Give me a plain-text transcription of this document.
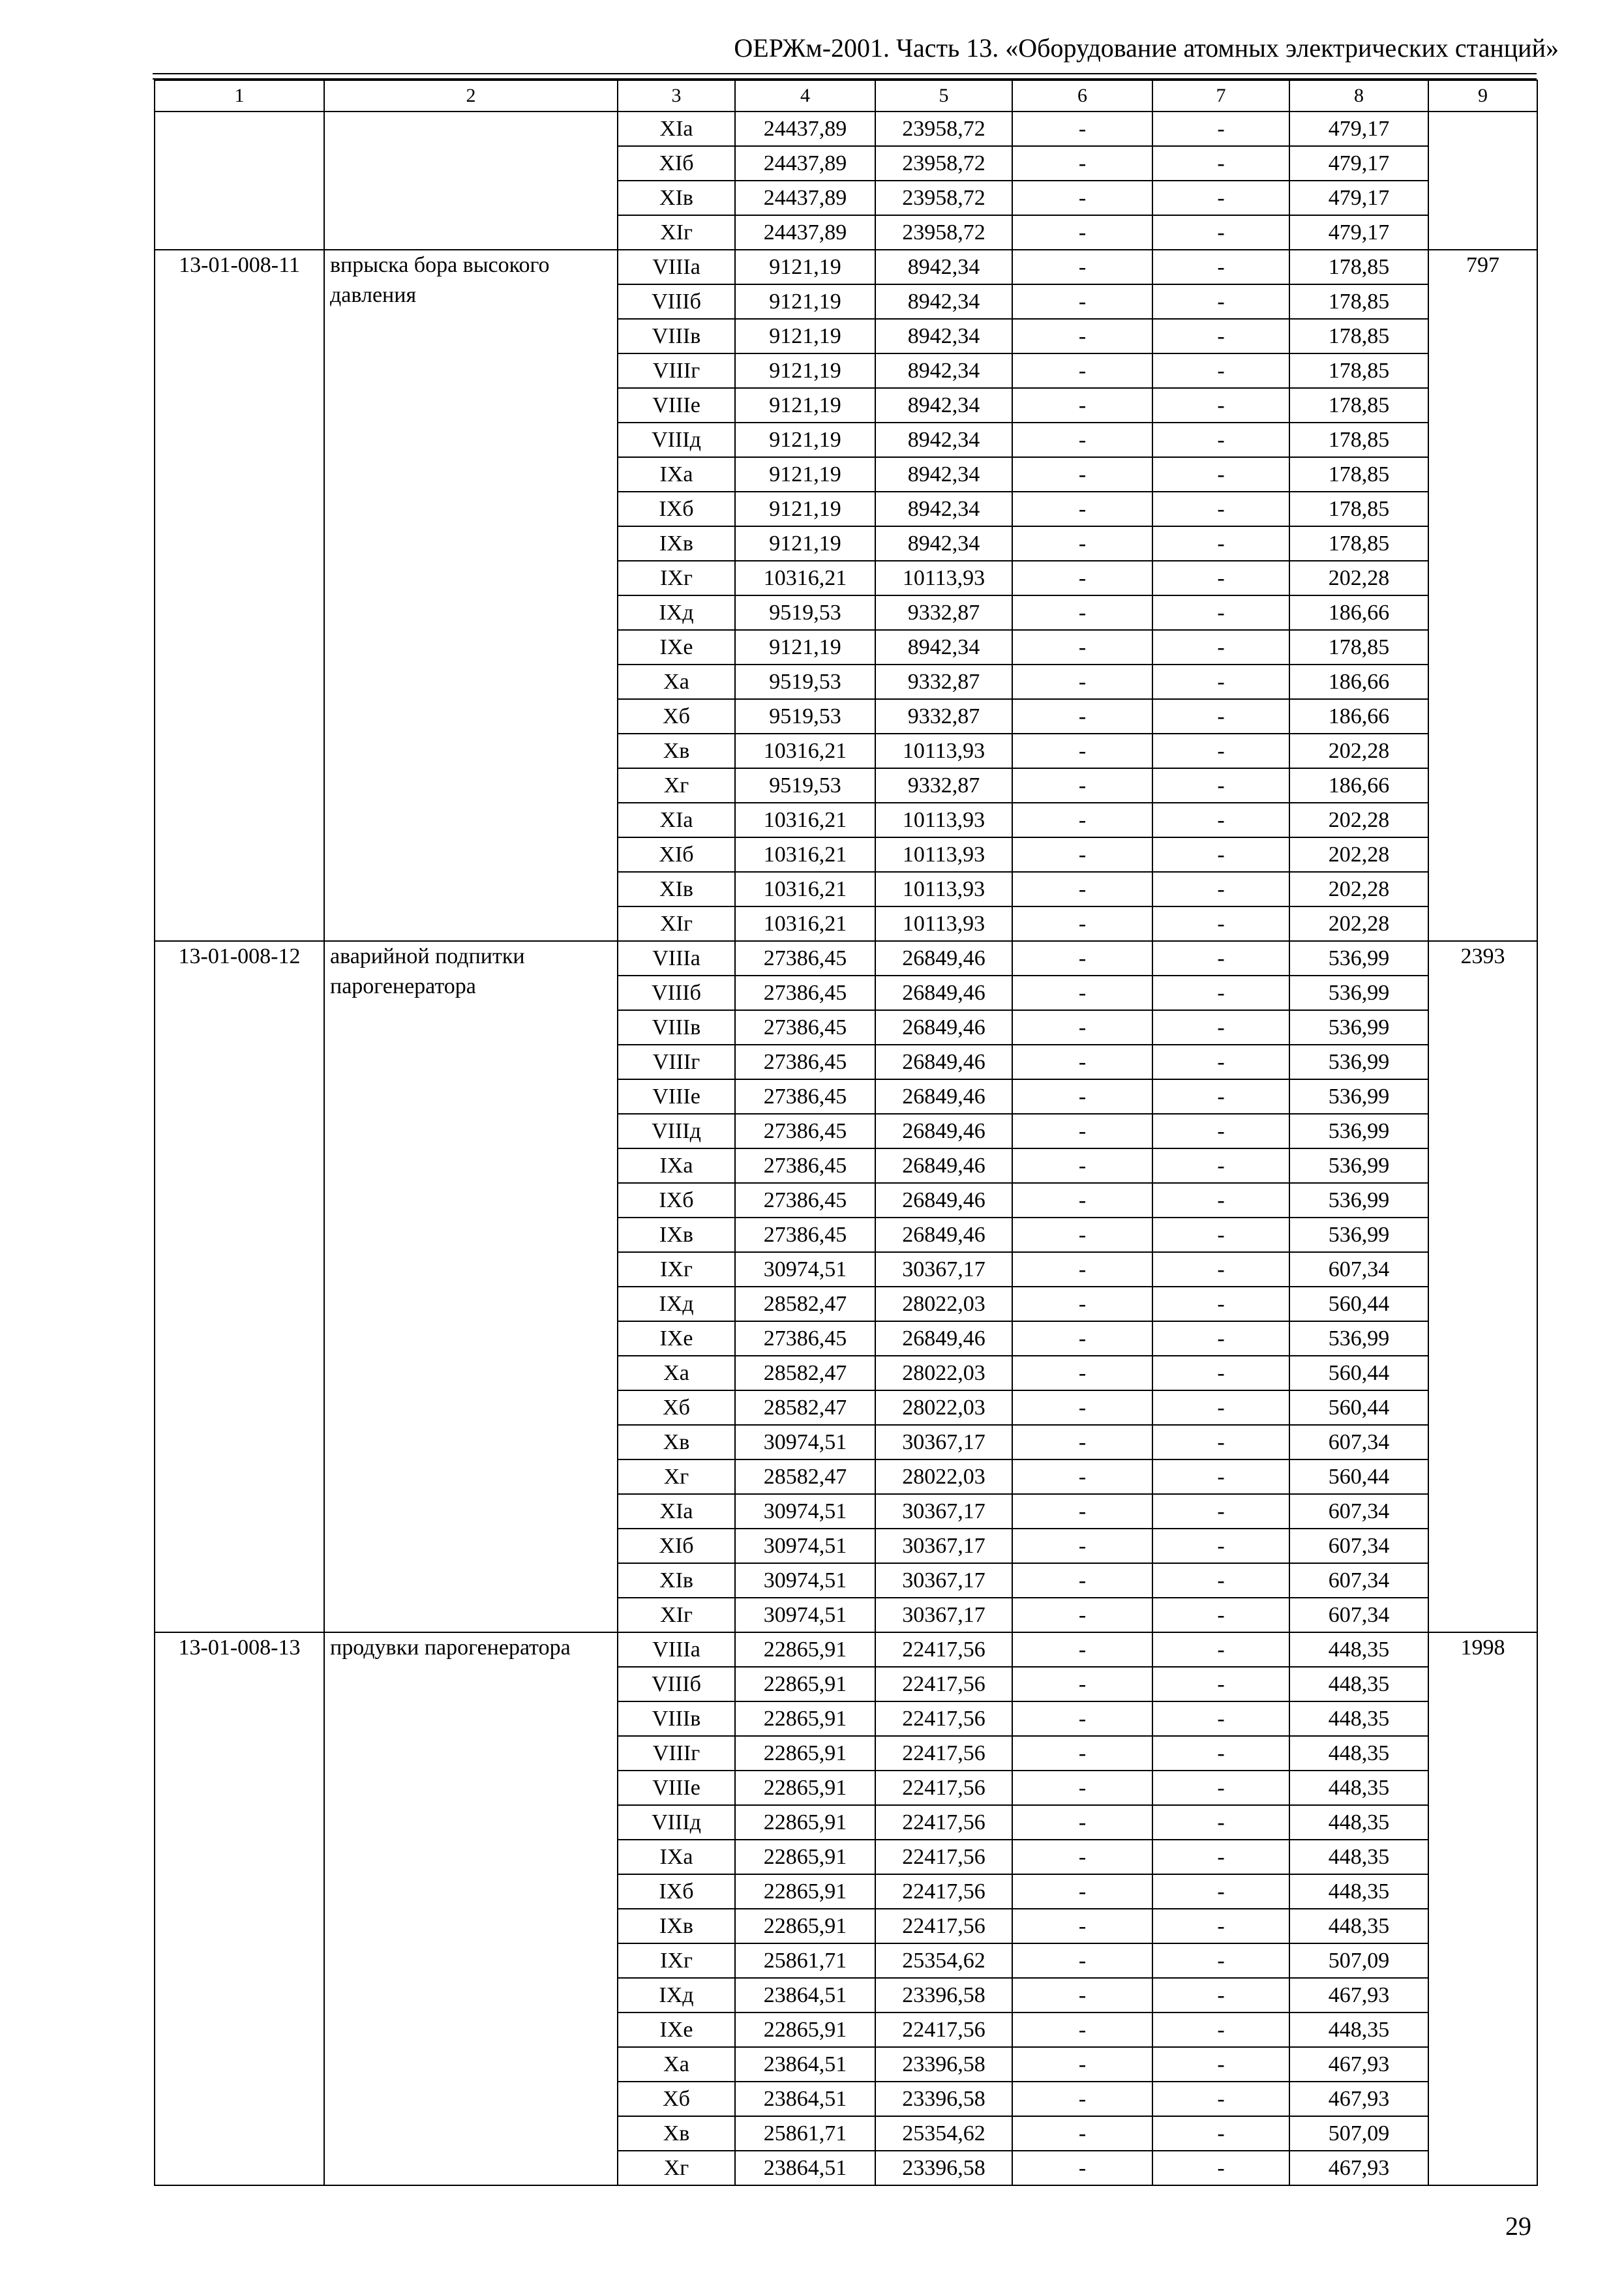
ОЕРЖм-2001. Часть 13. «Оборудование атомных электрических станций»
1	2	3	4	5	6	7	8	9
		XIа	24437,89	23958,72	-	-	479,17	
		XIб	24437,89	23958,72	-	-	479,17	
		XIв	24437,89	23958,72	-	-	479,17	
		XIг	24437,89	23958,72	-	-	479,17	
13-01-008-11	впрыска бора высокого давления	VIIIа	9121,19	8942,34	-	-	178,85	797
		VIIIб	9121,19	8942,34	-	-	178,85	
		VIIIв	9121,19	8942,34	-	-	178,85	
		VIIIг	9121,19	8942,34	-	-	178,85	
		VIIIе	9121,19	8942,34	-	-	178,85	
		VIIIд	9121,19	8942,34	-	-	178,85	
		IXа	9121,19	8942,34	-	-	178,85	
		IXб	9121,19	8942,34	-	-	178,85	
		IXв	9121,19	8942,34	-	-	178,85	
		IXг	10316,21	10113,93	-	-	202,28	
		IXд	9519,53	9332,87	-	-	186,66	
		IXе	9121,19	8942,34	-	-	178,85	
		Xа	9519,53	9332,87	-	-	186,66	
		Xб	9519,53	9332,87	-	-	186,66	
		Xв	10316,21	10113,93	-	-	202,28	
		Xг	9519,53	9332,87	-	-	186,66	
		XIа	10316,21	10113,93	-	-	202,28	
		XIб	10316,21	10113,93	-	-	202,28	
		XIв	10316,21	10113,93	-	-	202,28	
		XIг	10316,21	10113,93	-	-	202,28	
13-01-008-12	аварийной подпитки парогенератора	VIIIа	27386,45	26849,46	-	-	536,99	2393
		VIIIб	27386,45	26849,46	-	-	536,99	
		VIIIв	27386,45	26849,46	-	-	536,99	
		VIIIг	27386,45	26849,46	-	-	536,99	
		VIIIе	27386,45	26849,46	-	-	536,99	
		VIIIд	27386,45	26849,46	-	-	536,99	
		IXа	27386,45	26849,46	-	-	536,99	
		IXб	27386,45	26849,46	-	-	536,99	
		IXв	27386,45	26849,46	-	-	536,99	
		IXг	30974,51	30367,17	-	-	607,34	
		IXд	28582,47	28022,03	-	-	560,44	
		IXе	27386,45	26849,46	-	-	536,99	
		Xа	28582,47	28022,03	-	-	560,44	
		Xб	28582,47	28022,03	-	-	560,44	
		Xв	30974,51	30367,17	-	-	607,34	
		Xг	28582,47	28022,03	-	-	560,44	
		XIа	30974,51	30367,17	-	-	607,34	
		XIб	30974,51	30367,17	-	-	607,34	
		XIв	30974,51	30367,17	-	-	607,34	
		XIг	30974,51	30367,17	-	-	607,34	
13-01-008-13	продувки парогенератора	VIIIа	22865,91	22417,56	-	-	448,35	1998
		VIIIб	22865,91	22417,56	-	-	448,35	
		VIIIв	22865,91	22417,56	-	-	448,35	
		VIIIг	22865,91	22417,56	-	-	448,35	
		VIIIе	22865,91	22417,56	-	-	448,35	
		VIIIд	22865,91	22417,56	-	-	448,35	
		IXа	22865,91	22417,56	-	-	448,35	
		IXб	22865,91	22417,56	-	-	448,35	
		IXв	22865,91	22417,56	-	-	448,35	
		IXг	25861,71	25354,62	-	-	507,09	
		IXд	23864,51	23396,58	-	-	467,93	
		IXе	22865,91	22417,56	-	-	448,35	
		Xа	23864,51	23396,58	-	-	467,93	
		Xб	23864,51	23396,58	-	-	467,93	
		Xв	25861,71	25354,62	-	-	507,09	
		Xг	23864,51	23396,58	-	-	467,93	
29
